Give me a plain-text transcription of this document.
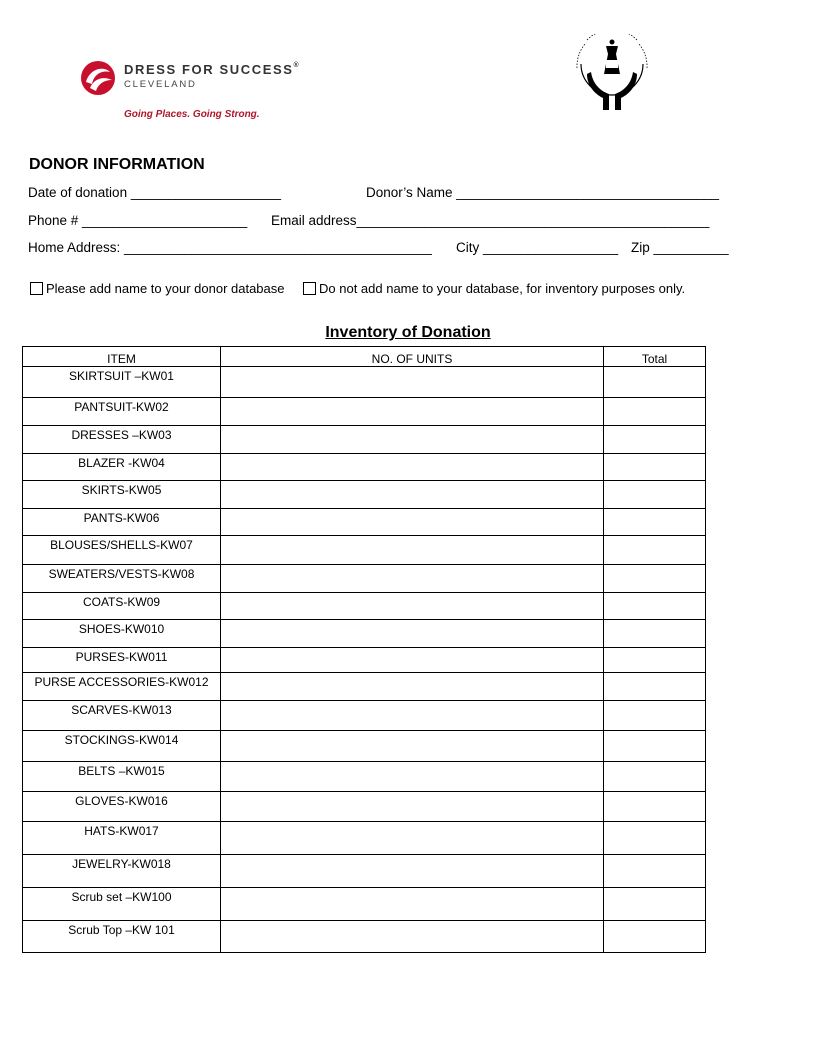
DRESS FOR SUCCESS®
CLEVELAND
Going Places. Going Strong.
DONOR INFORMATION
Date of donation ____________________	Donor’s Name ___________________________________
Phone # ______________________ Email address_______________________________________________
Home Address: _________________________________________ City __________________ Zip __________
Please add name to your donor database	Do not add name to your database, for inventory purposes only.
Inventory of Donation
ITEM	NO. OF UNITS	Total
SKIRTSUIT –KW01		
PANTSUIT-KW02		
DRESSES –KW03		
BLAZER -KW04		
SKIRTS-KW05		
PANTS-KW06		
BLOUSES/SHELLS-KW07		
SWEATERS/VESTS-KW08		
COATS-KW09		
SHOES-KW010		
PURSES-KW011		
PURSE ACCESSORIES-KW012		
SCARVES-KW013		
STOCKINGS-KW014		
BELTS –KW015		
GLOVES-KW016		
HATS-KW017		
JEWELRY-KW018		
Scrub set –KW100		
Scrub Top –KW 101		
